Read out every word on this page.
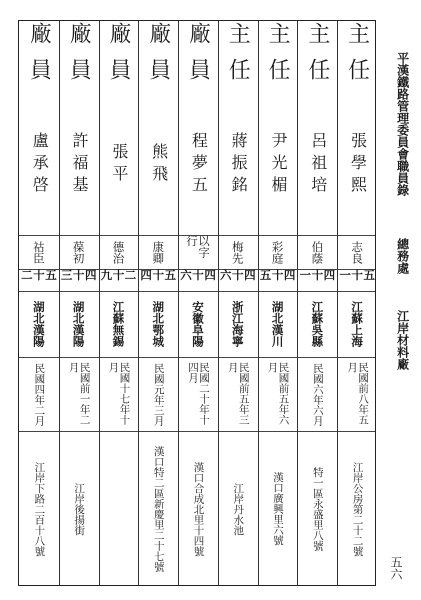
平漢鐵路管理委員會職員錄  總務處  江岸材料廠
五六
主任
張學熙
志良
五十一
江蘇上海
民國前八年五月
江岸公房第二十二號
主任
呂祖培
伯蔭
四十一
江蘇吳縣
民國六年六月
特一區永盛里八號
主任
尹光楣
彩庭
四十五
湖北漢川
民國前五年六月
漢口廣興里六號
主任
蔣振銘
梅先
四十六
浙江海寧
民國前五年三月
江岸丹水池
廠員
程夢五
以字行
四十六
安徽阜陽
民國二十年十四月
漢口合成北里十四號
廠員
熊飛
康卿
五十四
湖北鄂城
民國元年三月
漢口特二區新慶里二十七號
廠員
張平
德治
二十九
江蘇無錫
民國十七年十月
廠員
許福基
葆初
四十三
湖北漢陽
民國前一年二月
江岸後揚街
廠員
盧承啓
祜臣
五十二
湖北漢陽
民國四年二月
江岸下路二百十八號
